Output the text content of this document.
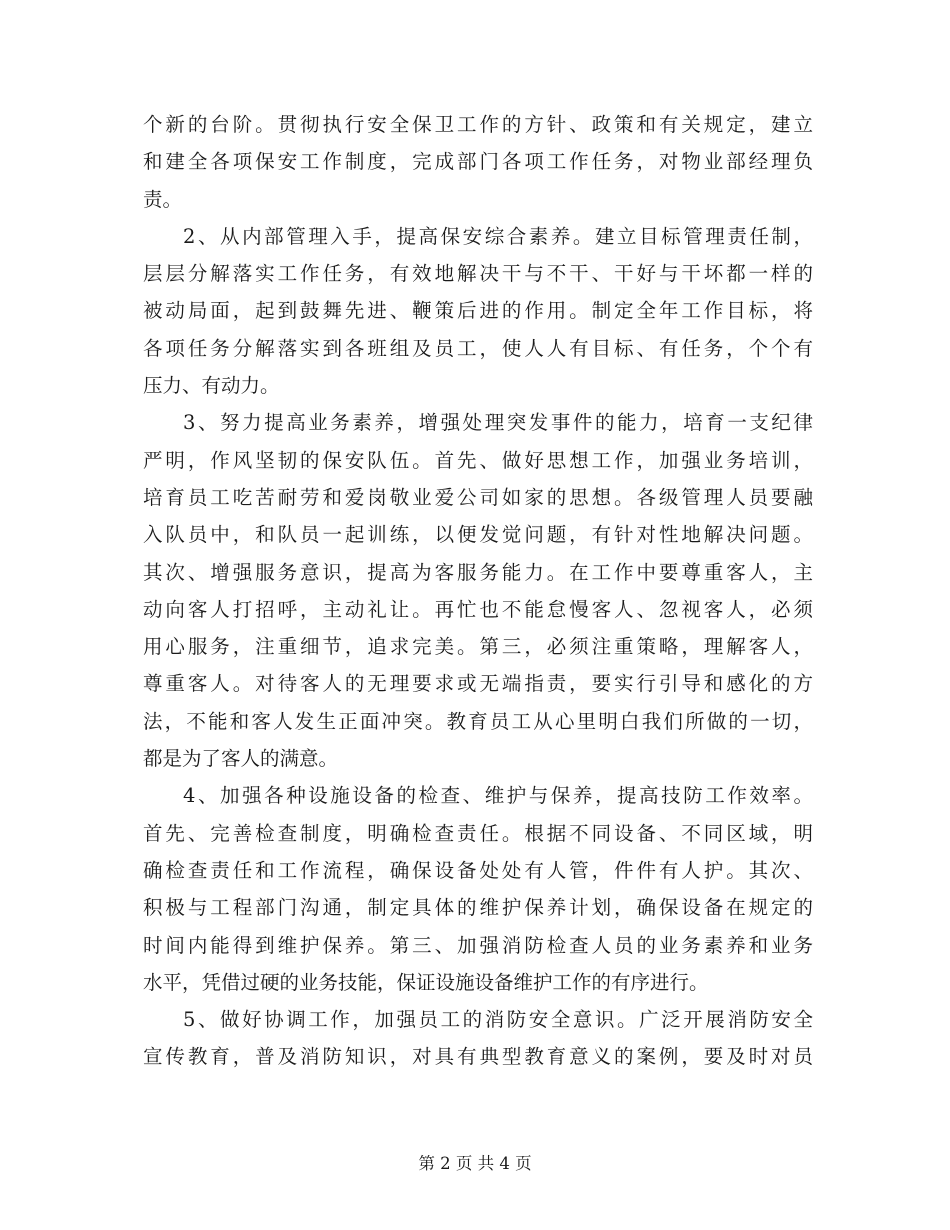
个新的台阶。贯彻执行安全保卫工作的方针、政策和有关规定，建立
和建全各项保安工作制度，完成部门各项工作任务，对物业部经理负
责。
2、从内部管理入手，提高保安综合素养。建立目标管理责任制，
层层分解落实工作任务，有效地解决干与不干、干好与干坏都一样的
被动局面，起到鼓舞先进、鞭策后进的作用。制定全年工作目标，将
各项任务分解落实到各班组及员工，使人人有目标、有任务，个个有
压力、有动力。
3、努力提高业务素养，增强处理突发事件的能力，培育一支纪律
严明，作风坚韧的保安队伍。首先、做好思想工作，加强业务培训，
培育员工吃苦耐劳和爱岗敬业爱公司如家的思想。各级管理人员要融
入队员中，和队员一起训练，以便发觉问题，有针对性地解决问题。
其次、增强服务意识，提高为客服务能力。在工作中要尊重客人，主
动向客人打招呼，主动礼让。再忙也不能怠慢客人、忽视客人，必须
用心服务，注重细节，追求完美。第三，必须注重策略，理解客人，
尊重客人。对待客人的无理要求或无端指责，要实行引导和感化的方
法，不能和客人发生正面冲突。教育员工从心里明白我们所做的一切，
都是为了客人的满意。
4、加强各种设施设备的检查、维护与保养，提高技防工作效率。
首先、完善检查制度，明确检查责任。根据不同设备、不同区域，明
确检查责任和工作流程，确保设备处处有人管，件件有人护。其次、
积极与工程部门沟通，制定具体的维护保养计划，确保设备在规定的
时间内能得到维护保养。第三、加强消防检查人员的业务素养和业务
水平，凭借过硬的业务技能，保证设施设备维护工作的有序进行。
5、做好协调工作，加强员工的消防安全意识。广泛开展消防安全
宣传教育，普及消防知识，对具有典型教育意义的案例，要及时对员
第 2 页 共 4 页
